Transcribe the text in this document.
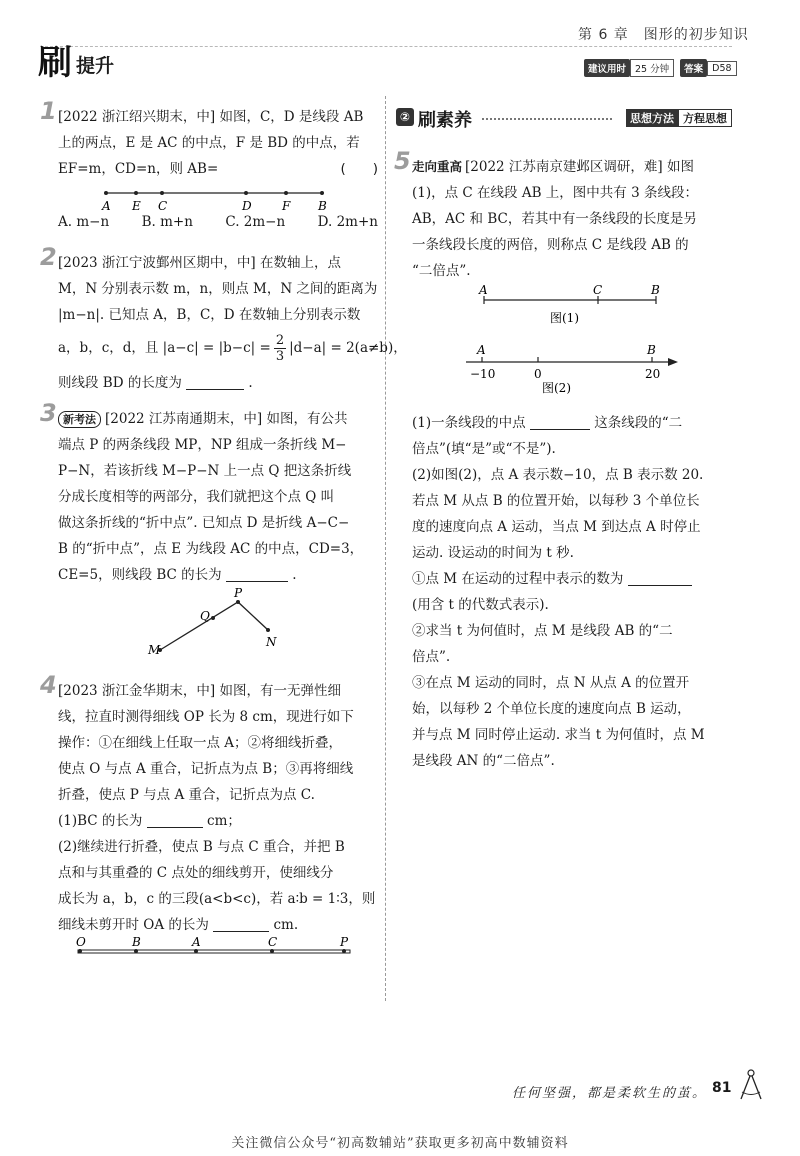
第 6 章　图形的初步知识
刷 提升	建议用时 25 分钟	答案 D58
1 [2022 浙江绍兴期末，中] 如图，C，D 是线段 AB

上的两点，E 是 AC 的中点，F 是 BD 的中点，若

EF=m，CD=n，则 AB=	(　　)

A E C	D	F B
A. m−n B. m+n C. 2m−n D. 2m+n
2 [2023 浙江宁波鄞州区期中，中] 在数轴上，点

M，N 分别表示数 m，n，则点 M，N 之间的距离为

|m−n|. 已知点 A，B，C，D 在数轴上分别表示数

a，b，c，d，且 $|a-c| = |b-c| = \frac{2}{3} |d-a| = 2(a\ne b)$，

则线段 BD 的长度为	.

3 新考法 [2022 江苏南通期末，中] 如图，有公共

端点 P 的两条线段 MP，NP 组成一条折线 M−

P−N，若该折线 M−P−N 上一点 Q 把这条折线

分成长度相等的两部分，我们就把这个点 Q 叫

做这条折线的“折中点”. 已知点 D 是折线 A−C−

B 的“折中点”，点 E 为线段 AC 的中点，CD=3，

CE=5，则线段 BC 的长为	.

P
Q
N
M
4 [2023 浙江金华期末，中] 如图，有一无弹性细

线，拉直时测得细线 OP 长为 8 cm，现进行如下

操作：①在细线上任取一点 A；②将细线折叠，

使点 O 与点 A 重合，记折点为点 B；③再将细线

折叠，使点 P 与点 A 重合，记折点为点 C.

(1)BC 的长为	cm；

(2)继续进行折叠，使点 B 与点 C 重合，并把 B

点和与其重叠的 C 点处的细线剪开，使细线分

成长为 a，b，c 的三段(a<b<c)，若 a∶b = 1∶3，则

细线未剪开时 OA 的长为	cm.

O	B	A	C	P
② 刷素养	思想方法 方程思想
5 走向重高 [2022 江苏南京建邺区调研，难] 如图

(1)，点 C 在线段 AB 上，图中共有 3 条线段：

AB，AC 和 BC，若其中有一条线段的长度是另

一条线段长度的两倍，则称点 C 是线段 AB 的

“二倍点”.

A	C	B
图(1)
A	B
−10	0	20
图(2)

(1)一条线段的中点	这条线段的“二

倍点”(填“是”或“不是”).

(2)如图(2)，点 A 表示数−10，点 B 表示数 20.

若点 M 从点 B 的位置开始，以每秒 3 个单位长

度的速度向点 A 运动，当点 M 到达点 A 时停止

运动. 设运动的时间为 t 秒.

①点 M 在运动的过程中表示的数为

(用含 t 的代数式表示).

②求当 t 为何值时，点 M 是线段 AB 的“二

倍点”.

③在点 M 运动的同时，点 N 从点 A 的位置开

始，以每秒 2 个单位长度的速度向点 B 运动，

并与点 M 同时停止运动. 求当 t 为何值时，点 M

是线段 AN 的“二倍点”.

任何坚强，都是柔软生的茧。 81
关注微信公众号“初高数辅站”获取更多初高中数辅资料
